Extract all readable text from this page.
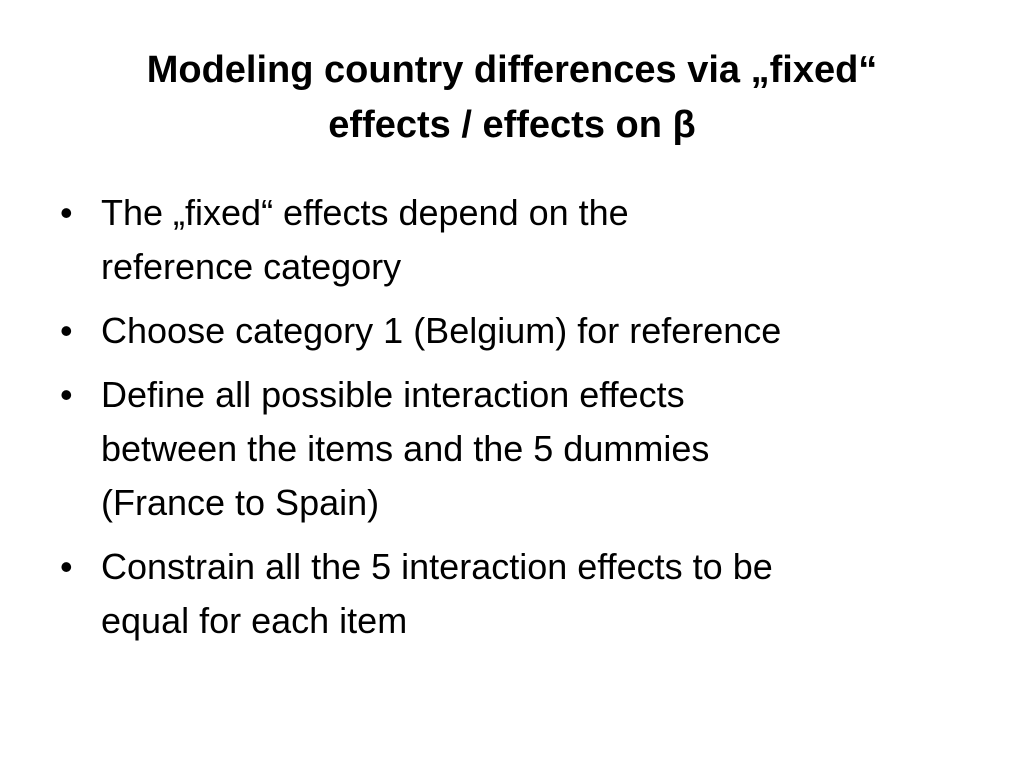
Modeling country differences via „fixed“
effects / effects on β
• The „fixed“ effects depend on the
reference category
• Choose category 1 (Belgium) for reference
• Define all possible interaction effects
between the items and the 5 dummies
(France to Spain)
• Constrain all the 5 interaction effects to be
equal for each item
